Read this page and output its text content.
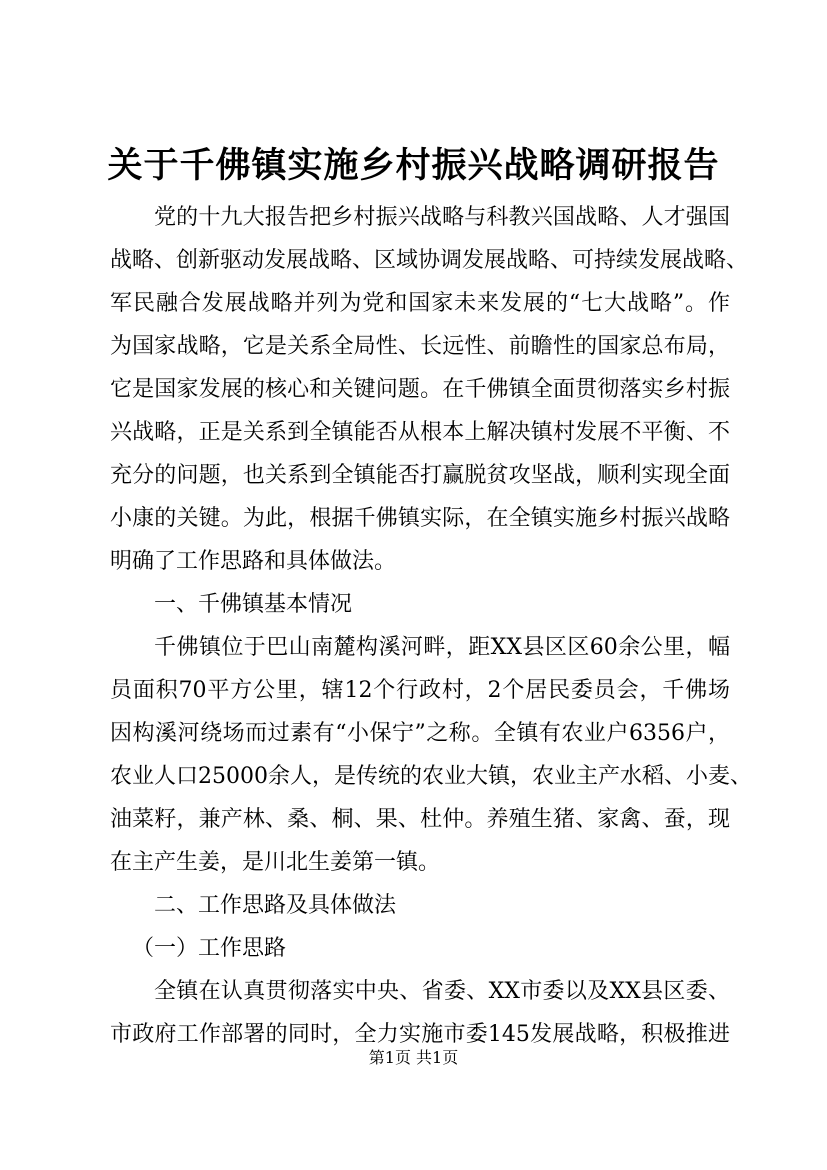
关于千佛镇实施乡村振兴战略调研报告
党的十九大报告把乡村振兴战略与科教兴国战略、人才强国
战略、创新驱动发展战略、区域协调发展战略、可持续发展战略、
军民融合发展战略并列为党和国家未来发展的“七大战略”。作
为国家战略，它是关系全局性、长远性、前瞻性的国家总布局，
它是国家发展的核心和关键问题。在千佛镇全面贯彻落实乡村振
兴战略，正是关系到全镇能否从根本上解决镇村发展不平衡、不
充分的问题，也关系到全镇能否打赢脱贫攻坚战，顺利实现全面
小康的关键。为此，根据千佛镇实际，在全镇实施乡村振兴战略
明确了工作思路和具体做法。
一、千佛镇基本情况
千佛镇位于巴山南麓构溪河畔，距XX县区区60余公里，幅
员面积70平方公里，辖12个行政村，2个居民委员会，千佛场
因构溪河绕场而过素有“小保宁”之称。全镇有农业户6356户，
农业人口25000余人，是传统的农业大镇，农业主产水稻、小麦、
油菜籽，兼产林、桑、桐、果、杜仲。养殖生猪、家禽、蚕，现
在主产生姜，是川北生姜第一镇。
二、工作思路及具体做法
（一）工作思路
全镇在认真贯彻落实中央、省委、XX市委以及XX县区委、
市政府工作部署的同时，全力实施市委145发展战略，积极推进
第1页 共1页
